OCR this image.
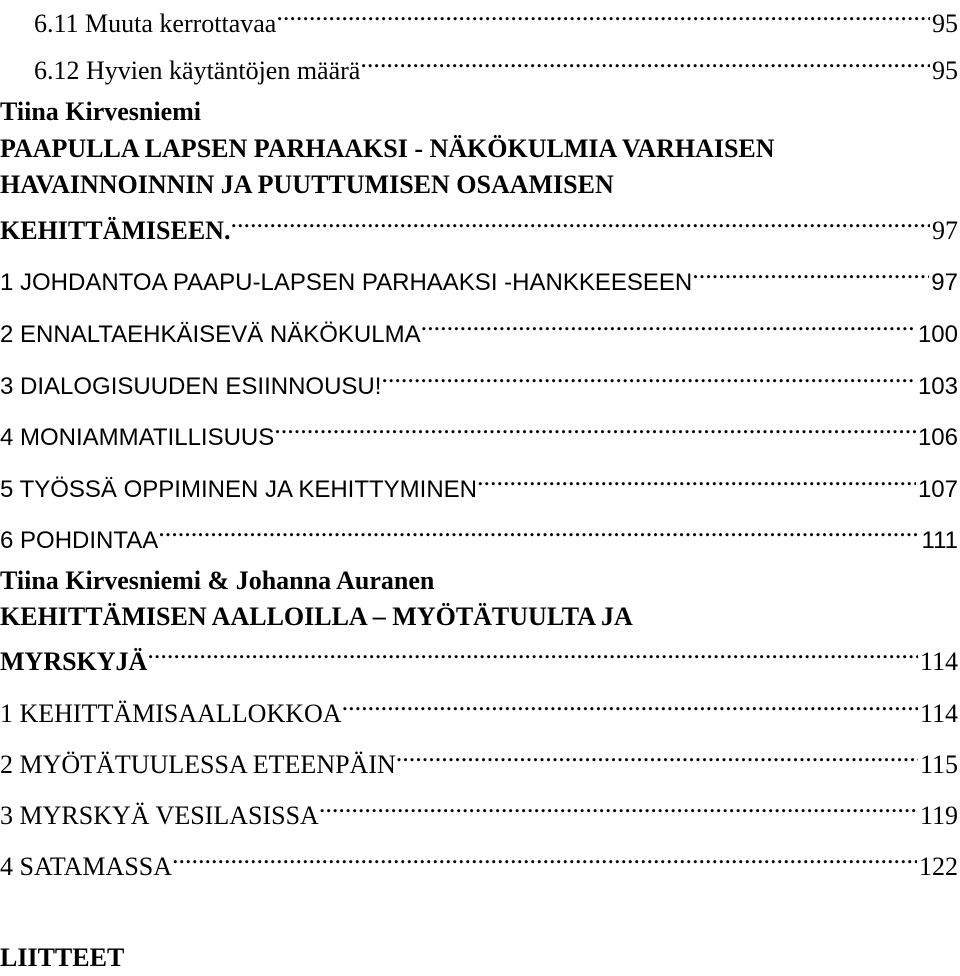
6.11 Muuta kerrottavaa .....	95
6.12 Hyvien käytäntöjen määrä .....	95
Tiina Kirvesniemi
PAAPULLA LAPSEN PARHAAKSI - NÄKÖKULMIA VARHAISEN
HAVAINNOINNIN JA PUUTTUMISEN OSAAMISEN
KEHITTÄMISEEN. .....	97
1 JOHDANTOA PAAPU-LAPSEN PARHAAKSI -HANKKEESEEN .....	97
2 ENNALTAEHKÄISEVÄ NÄKÖKULMA .....	100
3 DIALOGISUUDEN ESIINNOUSU! .....	103
4 MONIAMMATILLISUUS .....	106
5 TYÖSSÄ OPPIMINEN JA KEHITTYMINEN .....	107
6 POHDINTAA .....	111
Tiina Kirvesniemi & Johanna Auranen
KEHITTÄMISEN AALLOILLA – MYÖTÄTUULTA JA
MYRSKYJÄ .....	114
1 KEHITTÄMISAALLOKKOA .....	114
2 MYÖTÄTUULESSA ETEENPÄIN .....	115
3 MYRSKYÄ VESILASISSA .....	119
4 SATAMASSA .....	122
LIITTEET
